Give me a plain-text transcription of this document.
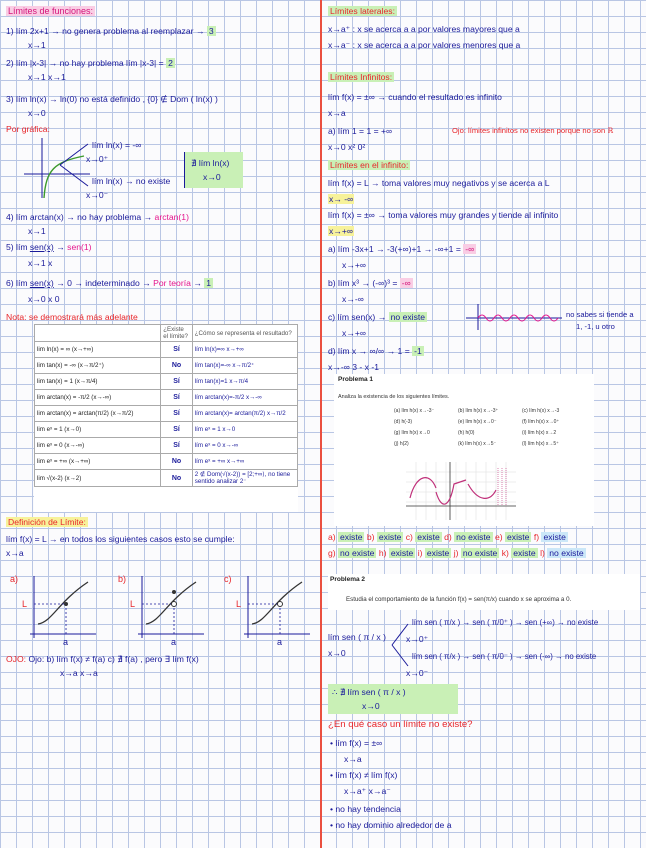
Límites de funciones:
1) lím 2x+1 → no genera problema al reemplazar → 3
x→1
2) lím |x-3| → no hay problema lím |x-3| = 2
x→1 x→1
3) lím ln(x) → ln(0) no está definido , {0} ∉ Dom ( ln(x) )
x→0
Por gráfica:
lím ln(x) = -∞
x→0⁺
lím ln(x) → no existe
x→0⁻
∄ lím ln(x)
x→0
4) lím arctan(x) → no hay problema → arctan(1)
x→1
5) lím sen(x) → sen(1)
x→1 x
6) lím sen(x) → 0 → indeterminado → Por teoría → 1
x→0 x 0
Nota: se demostrará más adelante
	¿Existe el límite?	¿Cómo se representa el resultado?
lim ln(x) = ∞ (x→+∞)	Sí	lím ln(x)=∞ x→+∞
lim tan(x) = -∞ (x→π/2⁺)	No	lím tan(x)=-∞ x→π/2⁺
lim tan(x) = 1 (x→π/4)	Sí	lím tan(x)=1 x→π/4
lim arctan(x) = -π/2 (x→-∞)	Sí	lím arctan(x)=-π/2 x→-∞
lim arctan(x) = arctan(π/2) (x→π/2)	Sí	lím arctan(x)= arctan(π/2) x→π/2
lim eˣ = 1 (x→0)	Sí	lím eˣ = 1 x→0
lim eˣ = 0 (x→-∞)	Sí	lím eˣ = 0 x→-∞
lim eˣ = +∞ (x→+∞)	No	lím eˣ = +∞ x→+∞
lim √(x-2) (x→2)	No	2 ∉ Dom(√(x-2)) = [2;+∞⟩, no tiene sentido analizar 2⁻
Definición de Límite:
lím f(x) = L → en todos los siguientes casos esto se cumple:
x→a
a)
L
a
b)
L
a
c)
L
a
OJO: Ojo: b) lím f(x) ≠ f(a) c) ∄ f(a) , pero ∃ lím f(x)
x→a x→a
Límites laterales:
x→a⁺ : x se acerca a a por valores mayores que a
x→a⁻ : x se acerca a a por valores menores que a
Límites Infinitos:
lím f(x) = ±∞ → cuando el resultado es infinito
x→a
a) lím 1 = 1 = +∞	Ojo: límites infinitos no existen porque no son ℝ
x→0 x² 0²
Límites en el infinito:
lím f(x) = L → toma valores muy negativos y se acerca a L
x→ -∞
lím f(x) = ±∞ → toma valores muy grandes y tiende al infinito
x→+∞
a) lím -3x+1 → -3(+∞)+1 → -∞+1 = -∞
x→+∞
b) lím x³ → (-∞)³ = -∞
x→-∞
c) lím sen(x) → no existe	no sabes si tiende a
1, -1, u otro
x→+∞
d) lím x → ∞/∞ → 1 = -1
x→-∞ 3 - x -1
Problema 1
Analiza la existencia de los siguientes límites.
(a) lím h(x) x→-3⁻	(b) lím h(x) x→-3⁺	(c) lím h(x) x→-3
(d) h(-3)	(e) lím h(x) x→0⁻	(f) lím h(x) x→0⁺
(g) lím h(x) x→0	(h) h(0)	(i) lím h(x) x→2
(j) h(2)	(k) lím h(x) x→5⁻	(l) lím h(x) x→5⁺
a) existe b) existe c) existe d) no existe e) existe f) existe
g) no existe h) existe i) existe j) no existe k) existe l) no existe
Problema 2
Estudia el comportamiento de la función f(x) = sen(π/x) cuando x se aproxima a 0.
lím sen ( π / x )
x→0
lím sen ( π/x ) → sen ( π/0⁺ ) → sen (+∞) → no existe
x→0⁺
lím sen ( π/x ) → sen ( π/0⁻ ) → sen (-∞) → no existe
x→0⁻
∴ ∄ lím sen ( π / x )
x→0
¿En qué caso un límite no existe?
• lím f(x) = ±∞
x→a
• lím f(x) ≠ lím f(x)
x→a⁺ x→a⁻
• no hay tendencia
• no hay dominio alrededor de a
